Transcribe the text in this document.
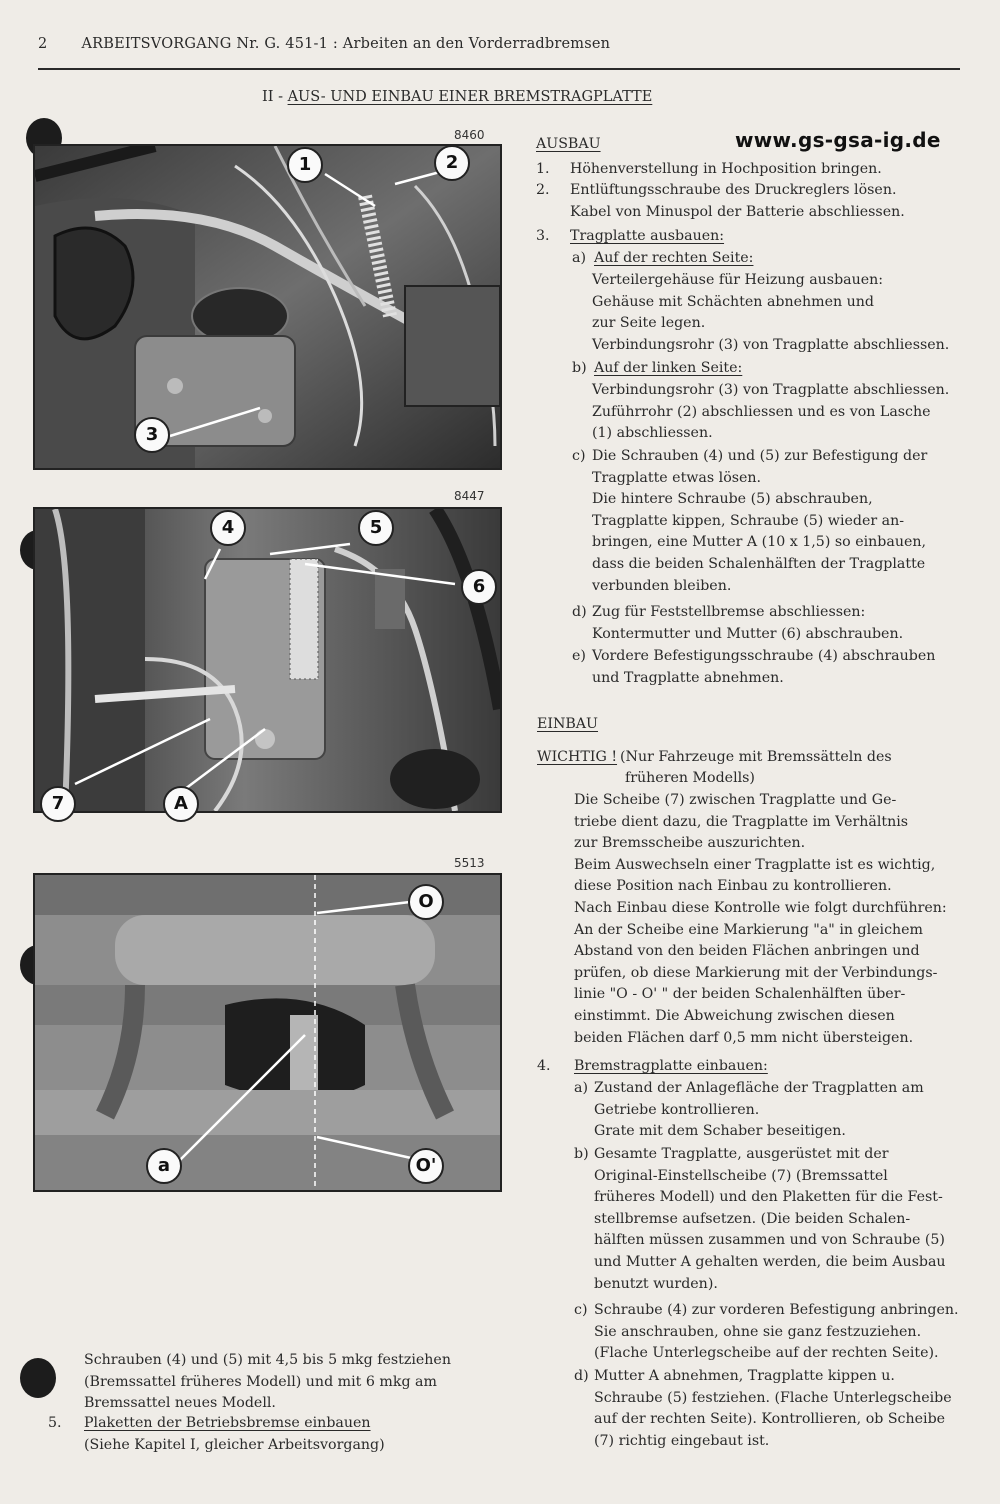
2 ARBEITSVORGANG Nr. G. 451-1 : Arbeiten an den Vorderradbremsen
II - AUS- UND EINBAU EINER BREMSTRAGPLATTE
8460
1	2
3
8447
4	5
6
7	A
5513
O
a	O'
www.gs-gsa-ig.de
AUSBAU
1. Höhenverstellung in Hochposition bringen.
2. Entlüftungsschraube des Druckreglers lösen.
Kabel von Minuspol der Batterie abschliessen.
3. Tragplatte ausbauen:
a) Auf der rechten Seite:
Verteilergehäuse für Heizung ausbauen:
Gehäuse mit Schächten abnehmen und
zur Seite legen.
Verbindungsrohr (3) von Tragplatte abschliessen.
b) Auf der linken Seite:
Verbindungsrohr (3) von Tragplatte abschliessen.
Zuführrohr (2) abschliessen und es von Lasche
(1) abschliessen.
c) Die Schrauben (4) und (5) zur Befestigung der
Tragplatte etwas lösen.
Die hintere Schraube (5) abschrauben,
Tragplatte kippen, Schraube (5) wieder an-
bringen, eine Mutter A (10 x 1,5) so einbauen,
dass die beiden Schalenhälften der Tragplatte
verbunden bleiben.
d) Zug für Feststellbremse abschliessen:
Kontermutter und Mutter (6) abschrauben.
e) Vordere Befestigungsschraube (4) abschrauben
und Tragplatte abnehmen.
EINBAU
WICHTIG ! (Nur Fahrzeuge mit Bremssätteln des
früheren Modells)
Die Scheibe (7) zwischen Tragplatte und Ge-
triebe dient dazu, die Tragplatte im Verhältnis
zur Bremsscheibe auszurichten.
Beim Auswechseln einer Tragplatte ist es wichtig,
diese Position nach Einbau zu kontrollieren.
Nach Einbau diese Kontrolle wie folgt durchführen:
An der Scheibe eine Markierung "a" in gleichem
Abstand von den beiden Flächen anbringen und
prüfen, ob diese Markierung mit der Verbindungs-
linie "O - O' " der beiden Schalenhälften über-
einstimmt. Die Abweichung zwischen diesen
beiden Flächen darf 0,5 mm nicht übersteigen.
4. Bremstragplatte einbauen:
a) Zustand der Anlagefläche der Tragplatten am
Getriebe kontrollieren.
Grate mit dem Schaber beseitigen.
b) Gesamte Tragplatte, ausgerüstet mit der
Original-Einstellscheibe (7) (Bremssattel
früheres Modell) und den Plaketten für die Fest-
stellbremse aufsetzen. (Die beiden Schalen-
hälften müssen zusammen und von Schraube (5)
und Mutter A gehalten werden, die beim Ausbau
benutzt wurden).
c) Schraube (4) zur vorderen Befestigung anbringen.
Sie anschrauben, ohne sie ganz festzuziehen.
(Flache Unterlegscheibe auf der rechten Seite).
d) Mutter A abnehmen, Tragplatte kippen u.
Schraube (5) festziehen. (Flache Unterlegscheibe
auf der rechten Seite). Kontrollieren, ob Scheibe
(7) richtig eingebaut ist.
Schrauben (4) und (5) mit 4,5 bis 5 mkg festziehen
(Bremssattel früheres Modell) und mit 6 mkg am
Bremssattel neues Modell.
5. Plaketten der Betriebsbremse einbauen
(Siehe Kapitel I, gleicher Arbeitsvorgang)
